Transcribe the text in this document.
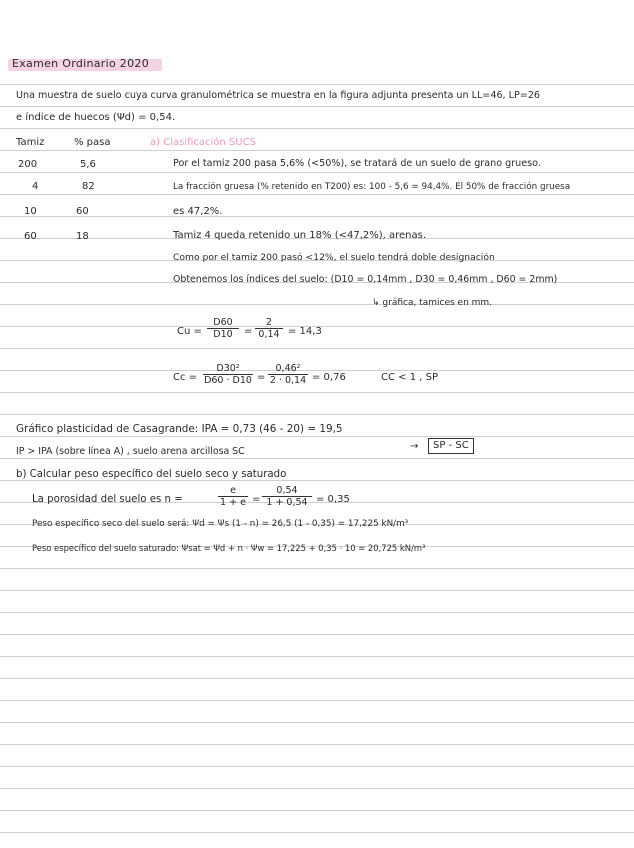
Examen Ordinario 2020
Una muestra de suelo cuya curva granulométrica se muestra en la figura adjunta presenta un LL=46, LP=26
e índice de huecos (Ψd) = 0,54.
Tamiz	% pasa
200	5,6
4	82
10	60
60	18
a) Clasificación SUCS
Por el tamiz 200 pasa 5,6% (<50%), se tratará de un suelo de grano grueso.
La fracción gruesa (% retenido en T200) es: 100 - 5,6 = 94,4%. El 50% de fracción gruesa
es 47,2%.
Tamiz 4 queda retenido un 18% (<47,2%), arenas.
Como por el tamiz 200 pasó <12%, el suelo tendrá doble designación
Obtenemos los índices del suelo: (D10 = 0,14mm , D30 = 0,46mm , D60 = 2mm)
↳ gráfica, tamices en mm.
$Cu = \frac{D60}{D10} = \frac{2}{0,14} = 14,3$
$Cc = \frac{\text{D30²}}{D60 \cdot D10} = \frac{\text{0,46²}}{2 \cdot 0,14} = 0,76$	CC < 1 , SP
Gráfico plasticidad de Casagrande: IPA = 0,73 (46 - 20) = 19,5
IP > IPA (sobre línea A) , suelo arena arcillosa SC	→	SP - SC
b) Calcular peso específico del suelo seco y saturado
La porosidad del suelo es n =	$\frac{e}{1 + e} = \frac{0,54}{1 + 0,54} = 0,35$
Peso específico seco del suelo será: Ψd = Ψs (1 - n) = 26,5 (1 - 0,35) = 17,225 kN/m³
Peso específico del suelo saturado: Ψsat = Ψd + n · Ψw = 17,225 + 0,35 · 10 = 20,725 kN/m³
